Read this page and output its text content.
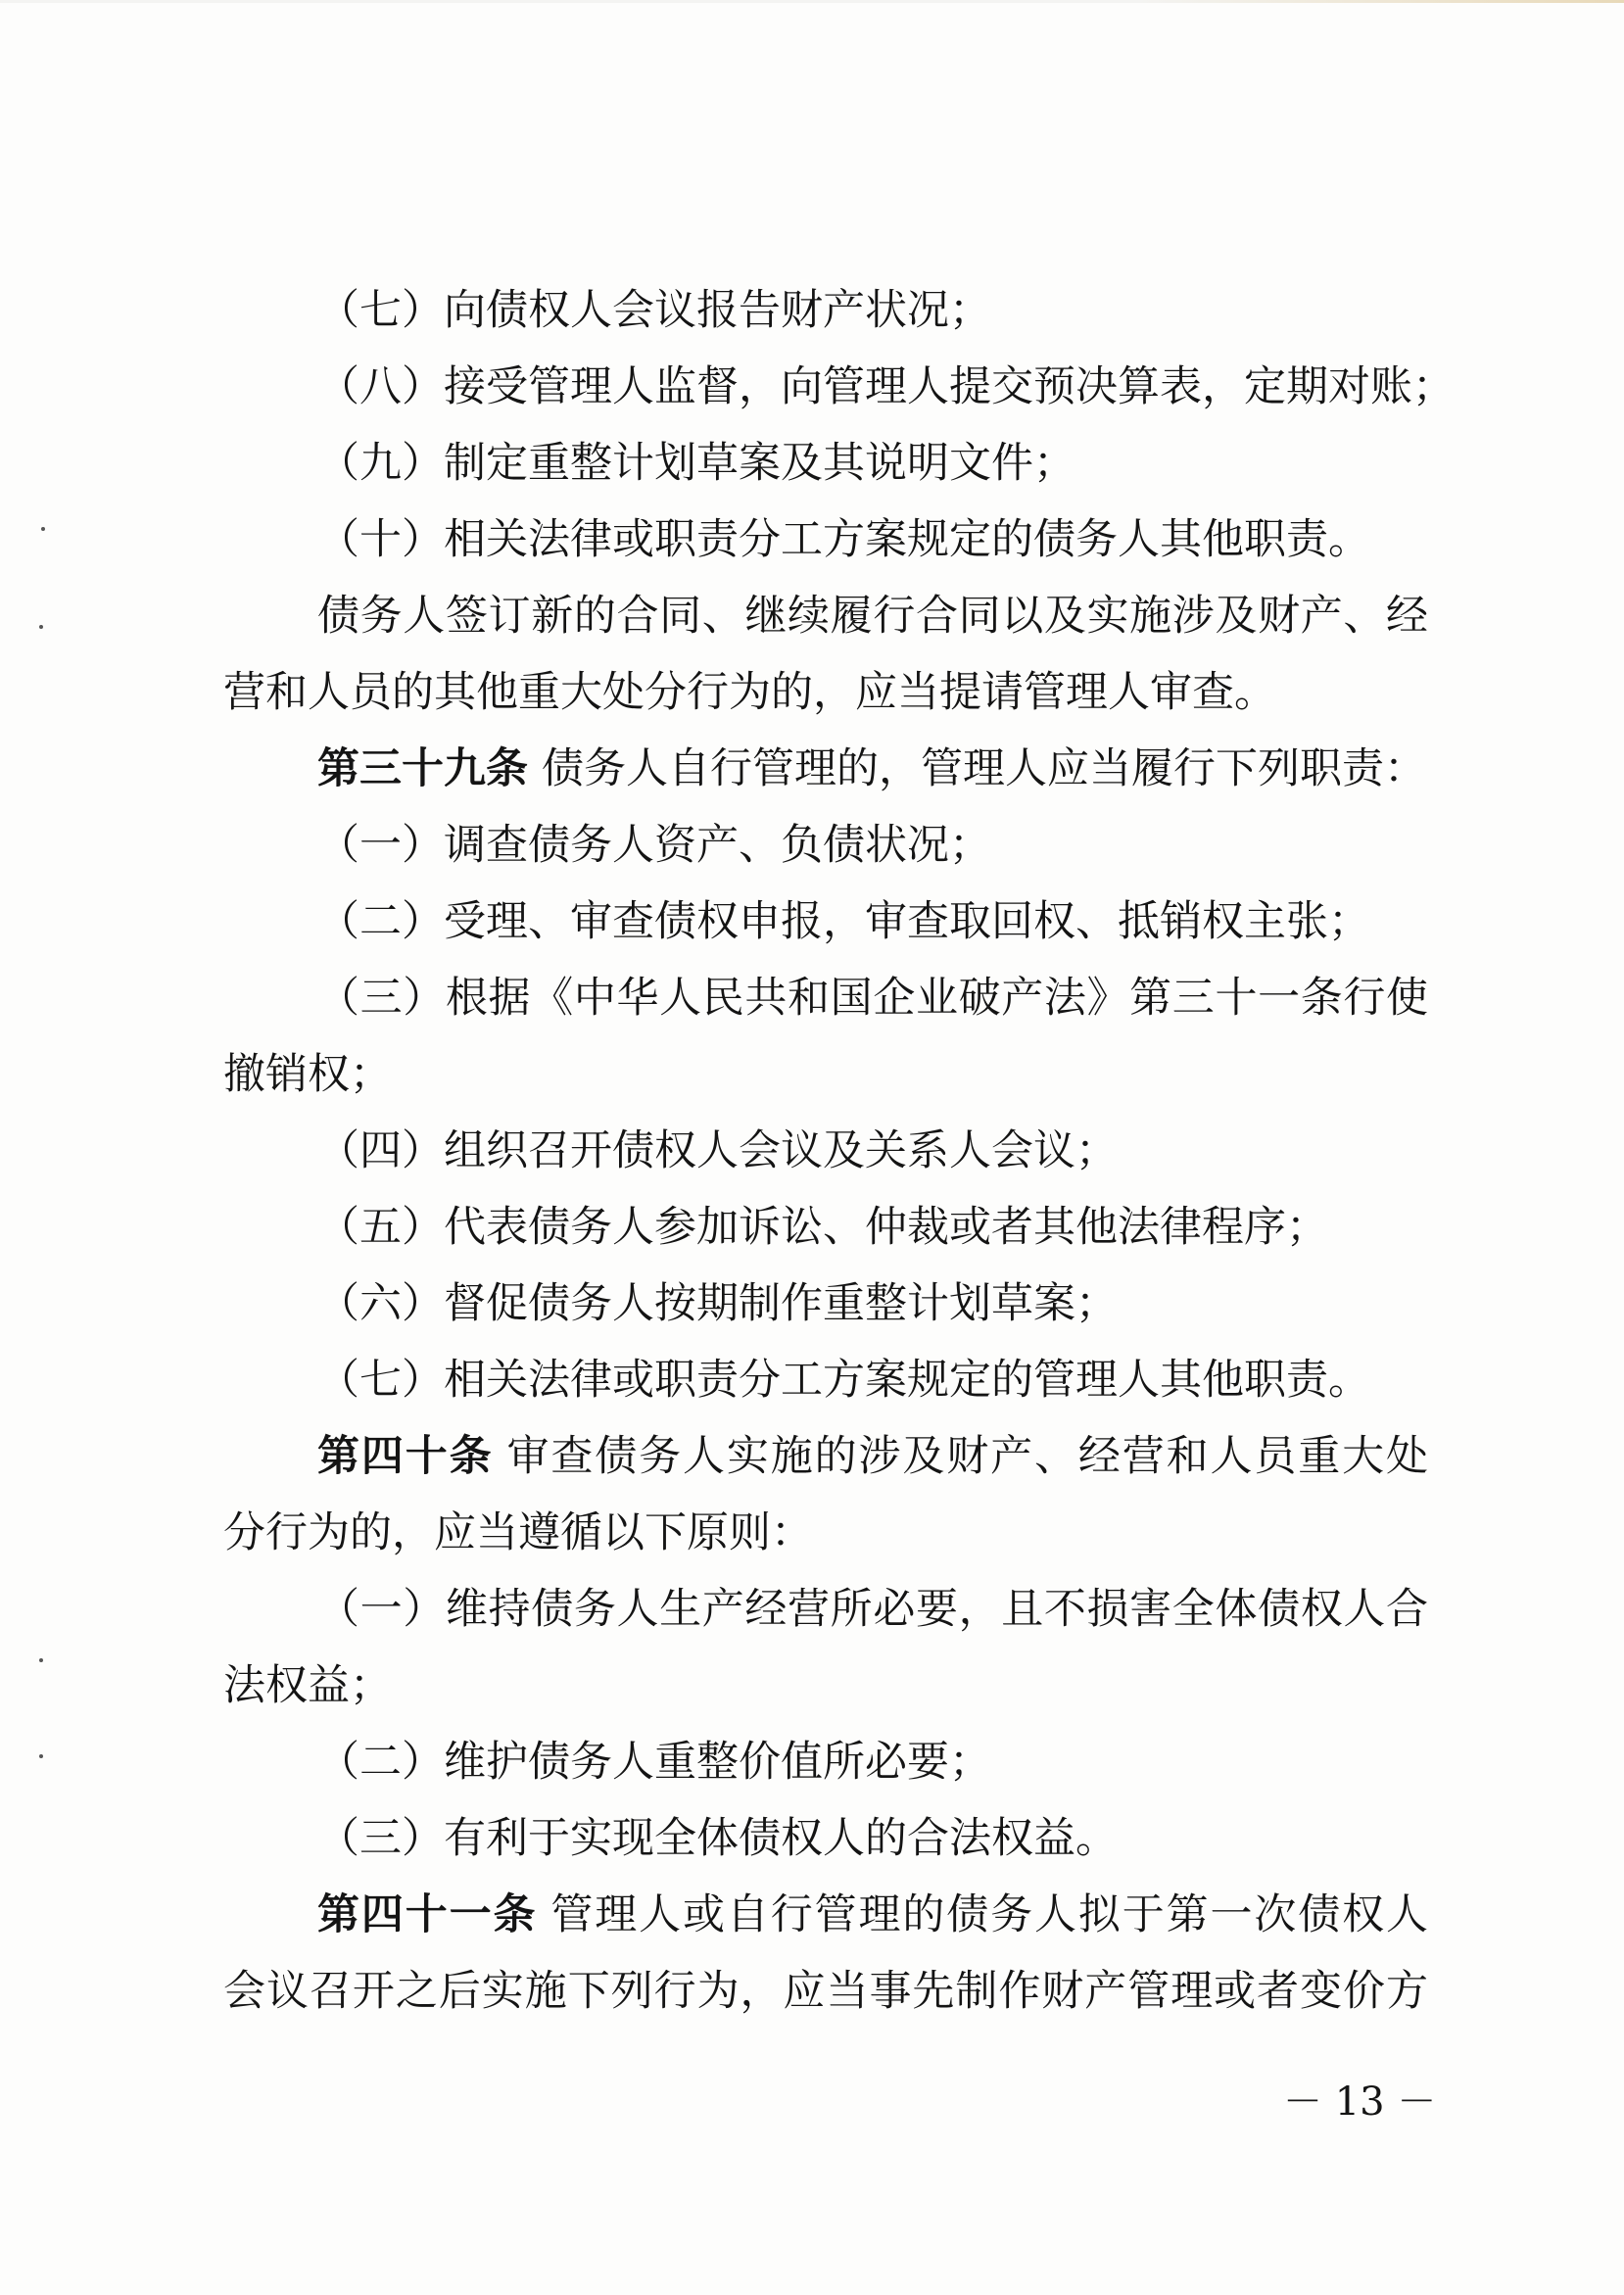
（七）向债权人会议报告财产状况；
（八）接受管理人监督，向管理人提交预决算表，定期对账；
（九）制定重整计划草案及其说明文件；
（十）相关法律或职责分工方案规定的债务人其他职责。
债务人签订新的合同、继续履行合同以及实施涉及财产、经
营和人员的其他重大处分行为的，应当提请管理人审查。
第三十九条 债务人自行管理的，管理人应当履行下列职责：
（一）调查债务人资产、负债状况；
（二）受理、审查债权申报，审查取回权、抵销权主张；
（三）根据《中华人民共和国企业破产法》第三十一条行使
撤销权；
（四）组织召开债权人会议及关系人会议；
（五）代表债务人参加诉讼、仲裁或者其他法律程序；
（六）督促债务人按期制作重整计划草案；
（七）相关法律或职责分工方案规定的管理人其他职责。
第四十条 审查债务人实施的涉及财产、经营和人员重大处
分行为的，应当遵循以下原则：
（一）维持债务人生产经营所必要，且不损害全体债权人合
法权益；
（二）维护债务人重整价值所必要；
（三）有利于实现全体债权人的合法权益。
第四十一条 管理人或自行管理的债务人拟于第一次债权人
会议召开之后实施下列行为，应当事先制作财产管理或者变价方
－ 13 －
